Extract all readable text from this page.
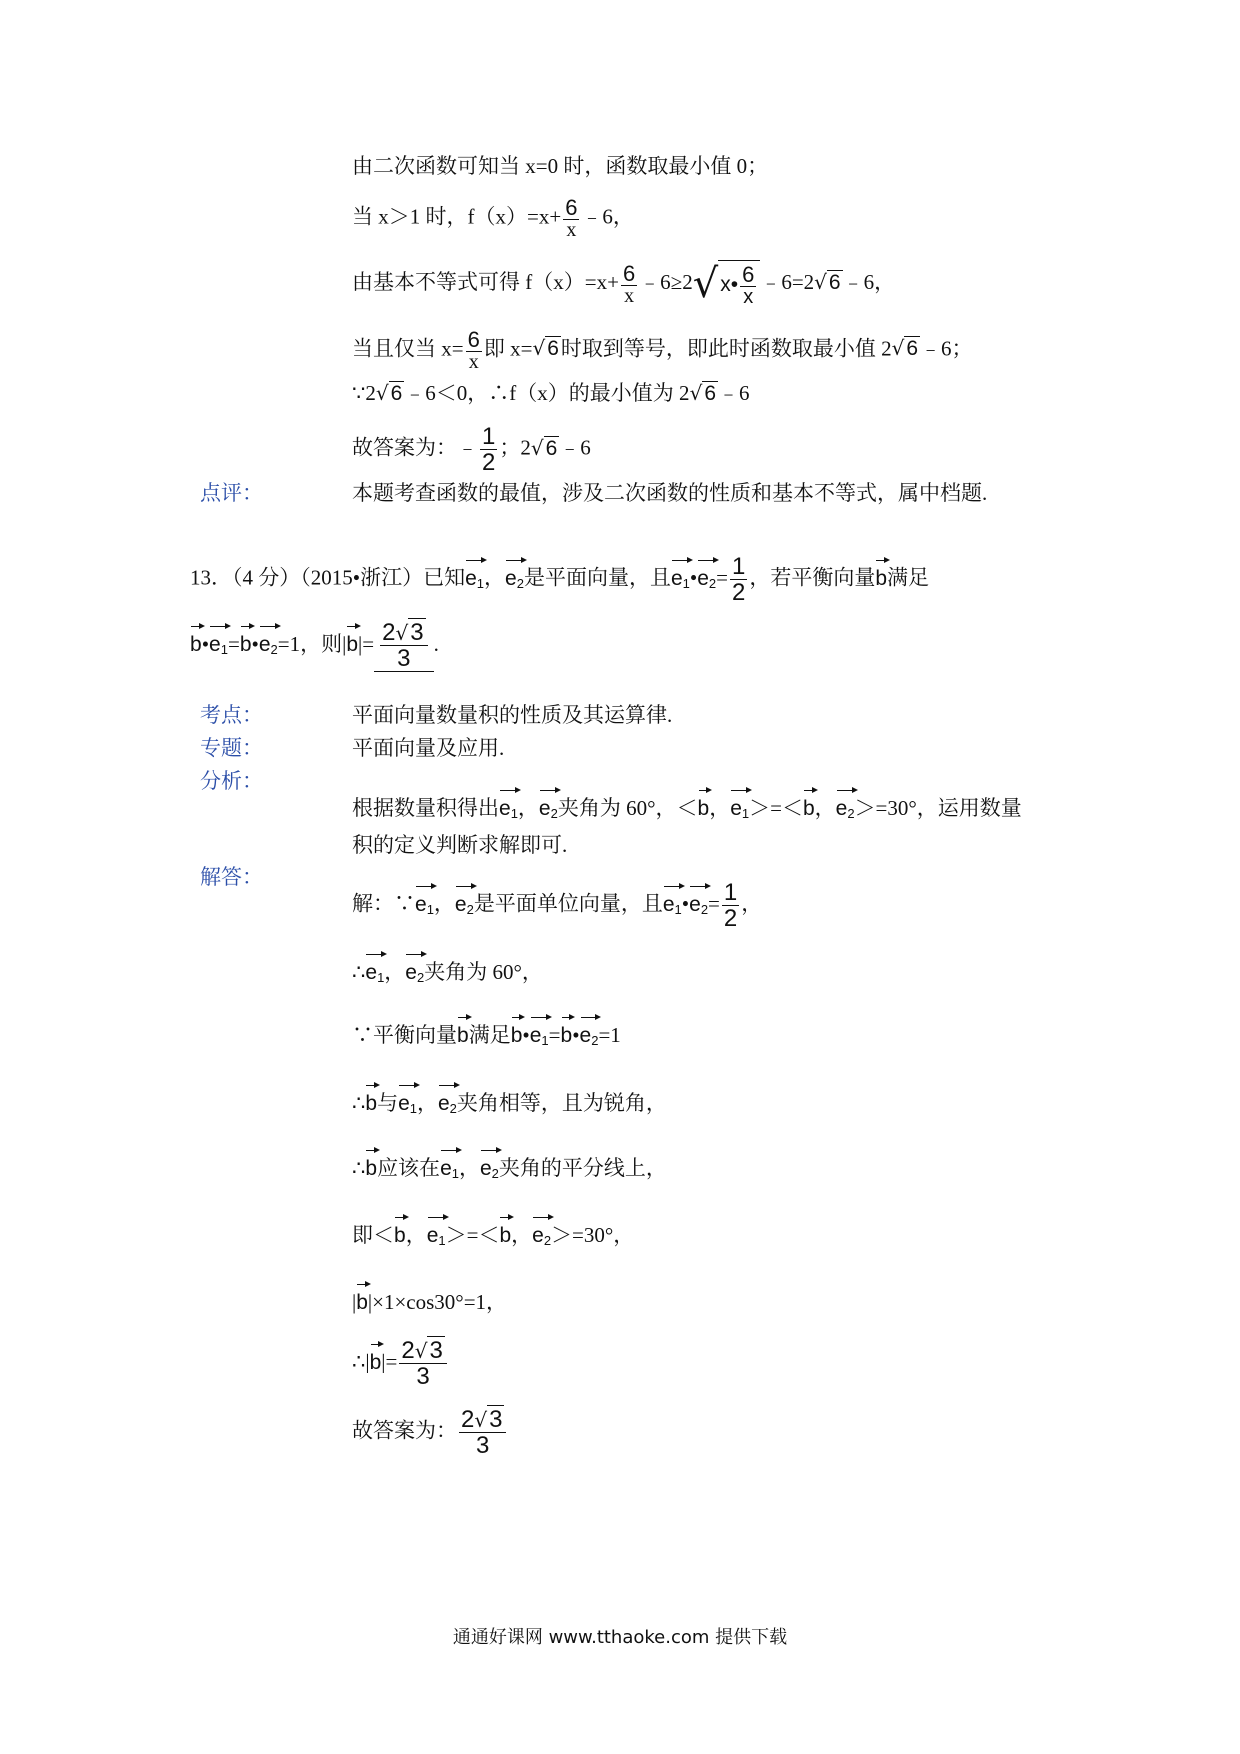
由二次函数可知当 x=0 时，函数取最小值 0；
当 x＞1 时，$f(x)=x+ \frac{6}{x}$ ﹣6，
由基本不等式可得 $f(x)=x+ \frac{6}{x}$ ﹣6≥2√x• $\frac{6}{x}$ ﹣6=2√6﹣6，
当且仅当 $x= \frac{6}{x}$ 即 x=√6时取到等号，即此时函数取最小值 2√6﹣6；
∵2√6﹣6＜0，∴f（x）的最小值为 2√6﹣6
故答案为：﹣ $\frac{1}{2}$ ；2√6﹣6
点评：	本题考查函数的最值，涉及二次函数的性质和基本不等式，属中档题.
13．（4 分）（2015•浙江）已知$e_1$，$e_2$是平面向量，且$e_1•e_2= \frac{1}{2}$ ，若平衡向量b满足
$b•e_1=b•e_2=1$，则$|b|= \frac{2√3}{3}$ .
考点：	平面向量数量积的性质及其运算律.
专题：	平面向量及应用.
分析：
根据数量积得出$e_1$，$e_2$夹角为 60°，＜b，$e_1>=<b$，$e_2>=30^\circ$，运用数量
积的定义判断求解即可.
解答：
解：$\because e_1$，$e_2$是平面单位向量，且$e_1•e_2= \frac{1}{2}$ ，
$\therefore e_1$，$e_2$夹角为 60°，
∵平衡向量b满足$b•e_1=b•e_2=1$
∴b与$e_1$，$e_2$夹角相等，且为锐角，
∴b应该在$e_1$，$e_2$夹角的平分线上，
即＜b，$e_1>=<b$，$e_2>=30^\circ$，
|b|×1×cos30°=1，
∴|b|= $\frac{2√3}{3}$
故答案为： $\frac{2√3}{3}$
通通好课网 www.tthaoke.com 提供下载
